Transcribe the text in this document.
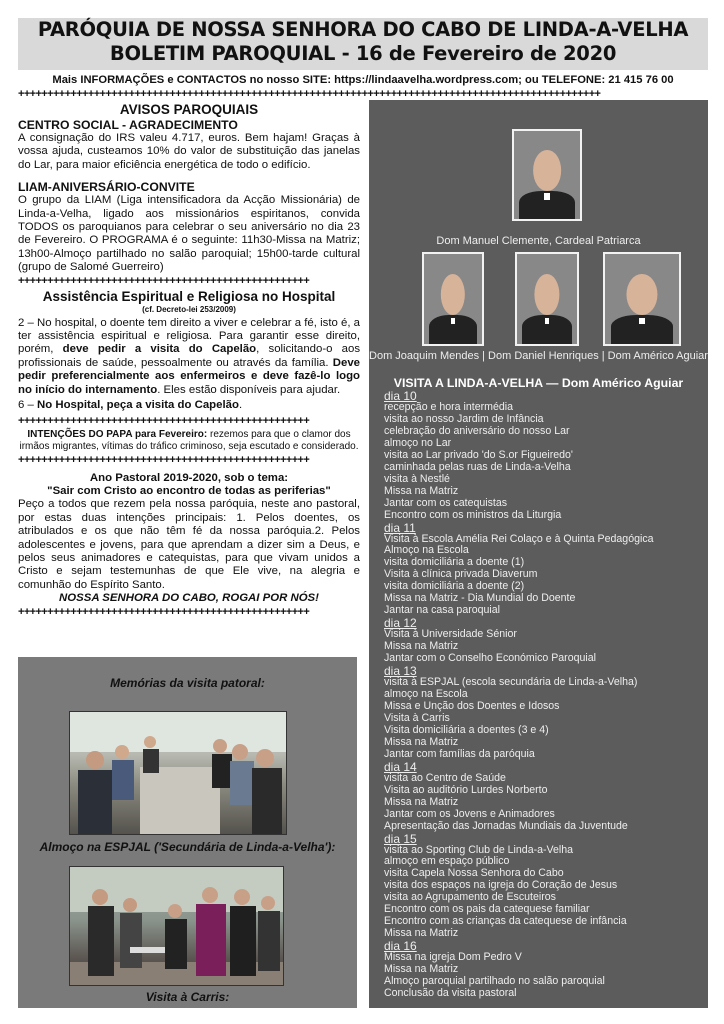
PARÓQUIA DE NOSSA SENHORA DO CABO DE LINDA-A-VELHA
BOLETIM PAROQUIAL - 16 de Fevereiro de 2020
Mais INFORMAÇÕES e CONTACTOS no nosso SITE: https://lindaavelha.wordpress.com; ou TELEFONE: 21 415 76 00
++++++++++++++++++++++++++++++++++++++++++++++++++++++++++++++++++++++++++++++++++++++++++++++++++++
AVISOS PAROQUIAIS
CENTRO SOCIAL - AGRADECIMENTO
A consignação do IRS valeu 4.717, euros. Bem hajam! Graças à vossa ajuda, custeamos 10% do valor de substituição das janelas do Lar, para maior eficiência energética de todo o edifício.
LIAM-ANIVERSÁRIO-CONVITE
O grupo da LIAM (Liga intensificadora da Acção Missionária) de Linda-a-Velha, ligado aos missionários espiritanos, convida TODOS os paroquianos para celebrar o seu aniversário no dia 23 de Fevereiro. O PROGRAMA é o seguinte: 11h30-Missa na Matriz; 13h00-Almoço partilhado no salão paroquial; 15h00-tarde cultural (grupo de Salomé Guerreiro)
++++++++++++++++++++++++++++++++++++++++++++++++++
Assistência Espiritual e Religiosa no Hospital
(cf. Decreto-lei 253/2009)
2 – No hospital, o doente tem direito a viver e celebrar a fé, isto é, a ter assistência espiritual e religiosa. Para garantir esse direito, porém, deve pedir a visita do Capelão, solicitando-o aos profissionais de saúde, pessoalmente ou através da família. Deve pedir preferencialmente aos enfermeiros e deve fazê-lo logo no início do internamento. Eles estão disponíveis para ajudar.
6 – No Hospital, peça a visita do Capelão.
++++++++++++++++++++++++++++++++++++++++++++++++++
INTENÇÕES DO PAPA para Fevereiro: rezemos para que o clamor dos irmãos migrantes, vítimas do tráfico criminoso, seja escutado e considerado.
++++++++++++++++++++++++++++++++++++++++++++++++++
Ano Pastoral 2019-2020, sob o tema:
"Sair com Cristo ao encontro de todas as periferias"
Peço a todos que rezem pela nossa paróquia, neste ano pastoral, por estas duas intenções principais: 1. Pelos doentes, os atribulados e os que não têm fé da nossa paróquia.2. Pelos adolescentes e jovens, para que aprendam a dizer sim a Deus, e pelos seus animadores e catequistas, para que vivam unidos a Cristo e sejam testemunhas de que Ele vive, na alegria e comunhão do Espírito Santo.
NOSSA SENHORA DO CABO, ROGAI POR NÓS!
++++++++++++++++++++++++++++++++++++++++++++++++++
Memórias da visita patoral:
Almoço na ESPJAL ('Secundária de Linda-a-Velha'):
Visita à Carris:
Dom Manuel Clemente, Cardeal Patriarca
Dom Joaquim Mendes | Dom Daniel Henriques | Dom Américo Aguiar
VISITA A LINDA-A-VELHA — Dom Américo Aguiar
dia 10
recepção e hora intermédia
visita ao nosso Jardim de Infância
celebração do aniversário do nosso Lar
almoço no Lar
visita ao Lar privado 'do S.or Figueiredo'
caminhada pelas ruas de Linda-a-Velha
visita à Nestlé
Missa na Matriz
Jantar com os catequistas
Encontro com os ministros da Liturgia
dia 11
Visita à Escola Amélia Rei Colaço e à Quinta Pedagógica
Almoço na Escola
visita domiciliária a doente (1)
Visita à clínica privada Diaverum
visita domiciliária a doente (2)
Missa na Matriz - Dia Mundial do Doente
Jantar na casa paroquial
dia 12
Visita à Universidade Sénior
Missa na Matriz
Jantar com o Conselho Económico Paroquial
dia 13
visita à ESPJAL (escola secundária de Linda-a-Velha)
almoço na Escola
Missa e Unção dos Doentes e Idosos
Visita à Carris
Visita domiciliária a doentes (3 e 4)
Missa na Matriz
Jantar com famílias da paróquia
dia 14
visita ao Centro de Saúde
Visita ao auditório Lurdes Norberto
Missa na Matriz
Jantar com os Jovens e Animadores
Apresentação das Jornadas Mundiais da Juventude
dia 15
visita ao Sporting Club de Linda-a-Velha
almoço em espaço público
visita Capela Nossa Senhora do Cabo
visita dos espaços na igreja do Coração de Jesus
visita ao Agrupamento de Escuteiros
Encontro com os pais da catequese familiar
Encontro com as crianças da catequese de infância
Missa na Matriz
dia 16
Missa na igreja Dom Pedro V
Missa na Matriz
Almoço paroquial partilhado no salão paroquial
Conclusão da visita pastoral
